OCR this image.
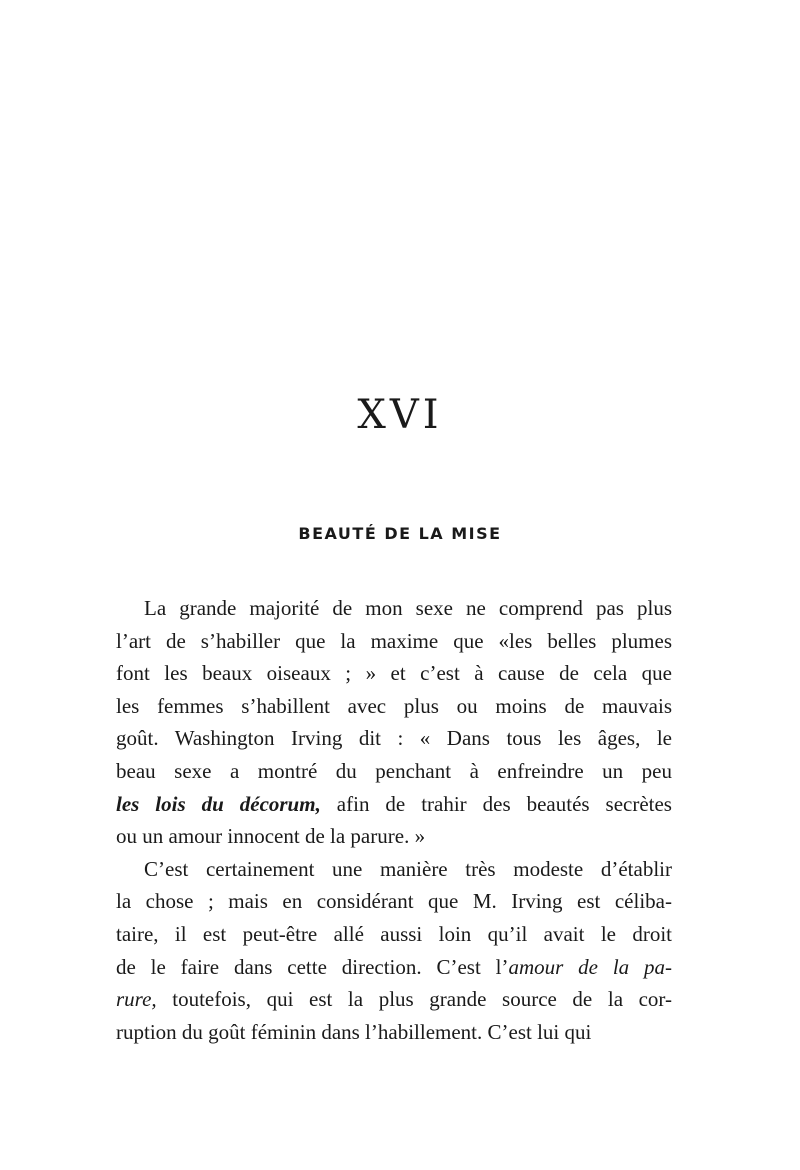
XVI
BEAUTÉ DE LA MISE
La grande majorité de mon sexe ne comprend pas plus
l’art de s’habiller que la maxime que «les belles plumes
font les beaux oiseaux ; » et c’est à cause de cela que
les femmes s’habillent avec plus ou moins de mauvais
goût. Washington Irving dit : « Dans tous les âges, le
beau sexe a montré du penchant à enfreindre un peu
les lois du décorum, afin de trahir des beautés secrètes
ou un amour innocent de la parure. »
C’est certainement une manière très modeste d’établir
la chose ; mais en considérant que M. Irving est céliba-
taire, il est peut-être allé aussi loin qu’il avait le droit
de le faire dans cette direction. C’est l’amour de la pa-
rure, toutefois, qui est la plus grande source de la cor-
ruption du goût féminin dans l’habillement. C’est lui qui
